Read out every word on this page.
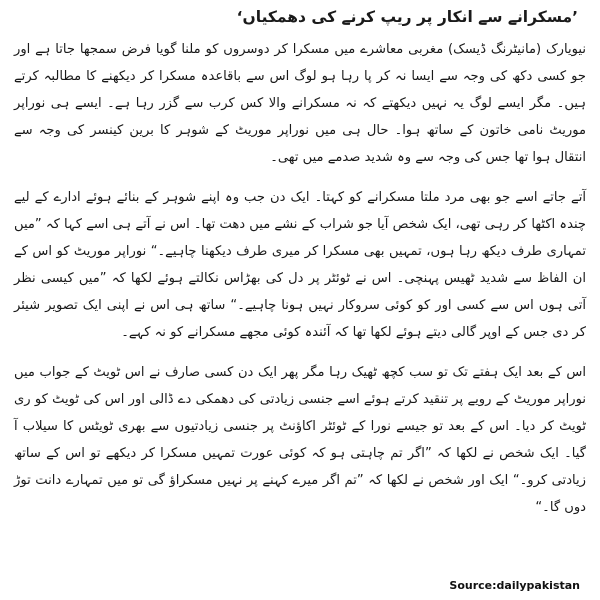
’مسکرانے سے انکار پر ریپ کرنے کی دھمکیاں‘

نیویارک (مانیٹرنگ ڈیسک) مغربی معاشرے میں مسکرا کر دوسروں کو ملنا گویا فرض سمجھا جاتا ہے اور جو کسی دکھ کی وجہ سے ایسا نہ کر پا رہا ہو لوگ اس سے باقاعدہ مسکرا کر دیکھنے کا مطالبہ کرتے ہیں۔ مگر ایسے لوگ یہ نہیں دیکھتے کہ نہ مسکرانے والا کس کرب سے گزر رہا ہے۔ ایسے ہی نوراپر موریٹ نامی خاتون کے ساتھ ہوا۔ حال ہی میں نوراپر موریٹ کے شوہر کا برین کینسر کی وجہ سے انتقال ہوا تھا جس کی وجہ سے وہ شدید صدمے میں تھی۔

آتے جاتے اسے جو بھی مرد ملتا مسکرانے کو کہتا۔ ایک دن جب وہ اپنے شوہر کے بنائے ہوئے ادارے کے لیے چندہ اکٹھا کر رہی تھی، ایک شخص آیا جو شراب کے نشے میں دھت تھا۔ اس نے آتے ہی اسے کہا کہ ”میں تمہاری طرف دیکھ رہا ہوں، تمہیں بھی مسکرا کر میری طرف دیکھنا چاہیے۔“ نوراپر موریٹ کو اس کے ان الفاظ سے شدید ٹھیس پہنچی۔ اس نے ٹوئٹر پر دل کی بھڑاس نکالتے ہوئے لکھا کہ ”میں کیسی نظر آتی ہوں اس سے کسی اور کو کوئی سروکار نہیں ہونا چاہیے۔“ ساتھ ہی اس نے اپنی ایک تصویر شیئر کر دی جس کے اوپر گالی دیتے ہوئے لکھا تھا کہ آئندہ کوئی مجھے مسکرانے کو نہ کہے۔

اس کے بعد ایک ہفتے تک تو سب کچھ ٹھیک رہا مگر پھر ایک دن کسی صارف نے اس ٹویٹ کے جواب میں نوراپر موریٹ کے رویے پر تنقید کرتے ہوئے اسے جنسی زیادتی کی دھمکی دے ڈالی اور اس کی ٹویٹ کو ری ٹویٹ کر دیا۔ اس کے بعد تو جیسے نورا کے ٹوئٹر اکاؤنٹ پر جنسی زیادتیوں سے بھری ٹویٹس کا سیلاب آ گیا۔ ایک شخص نے لکھا کہ ”اگر تم چاہتی ہو کہ کوئی عورت تمہیں مسکرا کر دیکھے تو اس کے ساتھ زیادتی کرو۔“ ایک اور شخص نے لکھا کہ ”تم اگر میرے کہنے پر نہیں مسکراؤ گی تو میں تمہارے دانت توڑ دوں گا۔“

Source:dailypakistan
